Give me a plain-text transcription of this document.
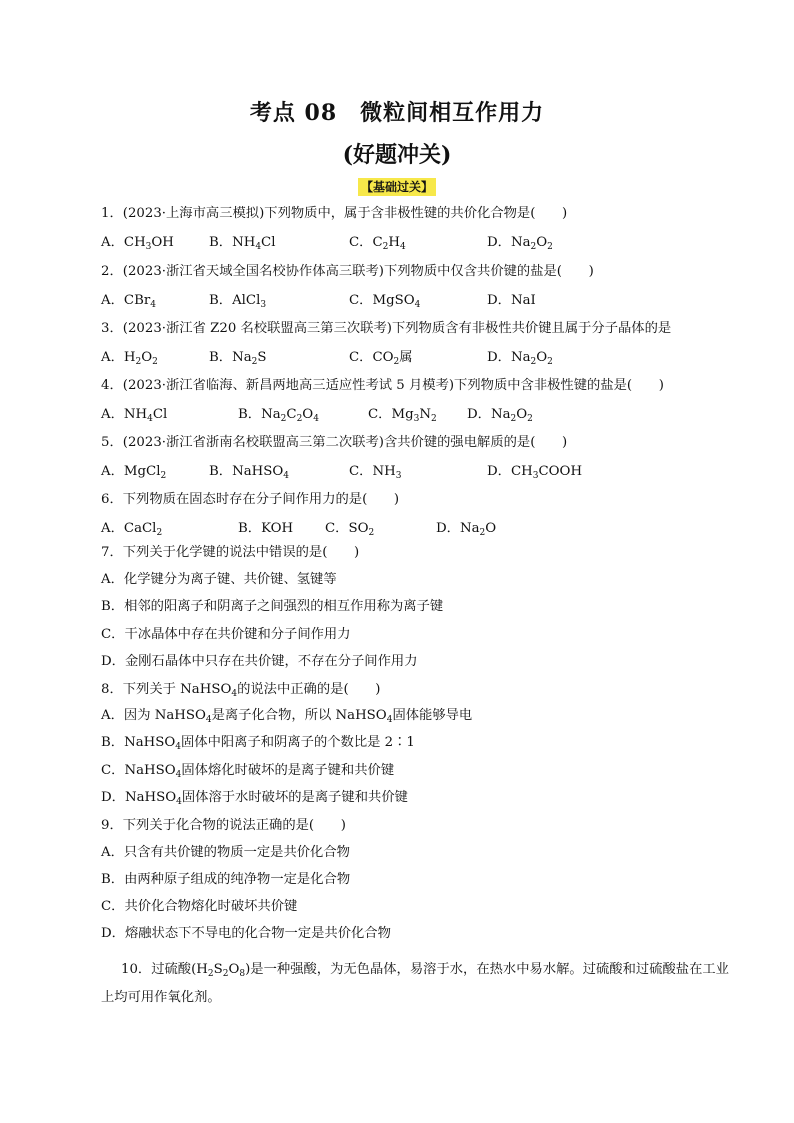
考点 08　微粒间相互作用力
(好题冲关)
【基础过关】
1．(2023·上海市高三模拟)下列物质中，属于含非极性键的共价化合物是(　　)
A．$CH_3OH$	B．$NH_4Cl$	C．$C_2H_4$	D．$Na_2O_2$
2．(2023·浙江省天域全国名校协作体高三联考)下列物质中仅含共价键的盐是(　　)
A．CBr$_4$	B．AlCl$_3$	C．MgSO$_4$	D．NaI
3．(2023·浙江省 Z20 名校联盟高三第三次联考)下列物质含有非极性共价键且属于分子晶体的是
A．$H_2O_2$	B．$Na_2S$	C．$CO_2$属	D．$Na_2O_2$
4．(2023·浙江省临海、新昌两地高三适应性考试 5 月模考)下列物质中含非极性键的盐是(　　)
A．$NH_4Cl$	B．$Na_2C_2O_4$	C．$Mg_3N_2$ D．$Na_2O_2$
5．(2023·浙江省浙南名校联盟高三第二次联考)含共价键的强电解质的是(　　)
A．MgCl$_2$	B．NaHSO$_4$	C．$NH_3$	D．$CH_3COOH$
6．下列物质在固态时存在分子间作用力的是(　　)
A．CaCl$_2$	B．KOH C．$SO_2$	D．$Na_2O$
7．下列关于化学键的说法中错误的是(　　)
A．化学键分为离子键、共价键、氢键等
B．相邻的阳离子和阴离子之间强烈的相互作用称为离子键
C．干冰晶体中存在共价键和分子间作用力
D．金刚石晶体中只存在共价键，不存在分子间作用力
8．下列关于 NaHSO$_4$的说法中正确的是(　　)
A．因为 NaHSO$_4$是离子化合物，所以 NaHSO$_4$固体能够导电
B．NaHSO$_4$固体中阳离子和阴离子的个数比是 2∶1
C．NaHSO$_4$固体熔化时破坏的是离子键和共价键
D．NaHSO$_4$固体溶于水时破坏的是离子键和共价键
9．下列关于化合物的说法正确的是(　　)
A．只含有共价键的物质一定是共价化合物
B．由两种原子组成的纯净物一定是化合物
C．共价化合物熔化时破坏共价键
D．熔融状态下不导电的化合物一定是共价化合物
10．过硫酸$(H_2S_2O_8)$是一种强酸，为无色晶体，易溶于水，在热水中易水解。过硫酸和过硫酸盐在工业上均可用作氧化剂。
